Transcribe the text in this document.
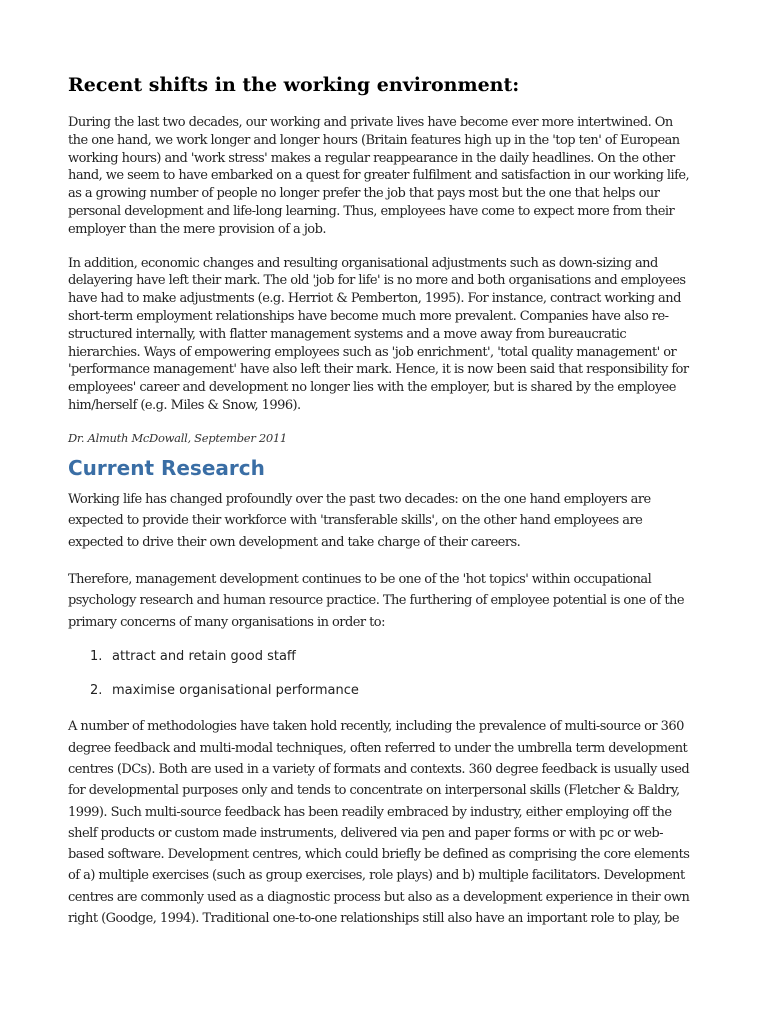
Recent shifts in the working environment:

During the last two decades, our working and private lives have become ever more intertwined. On the one hand, we work longer and longer hours (Britain features high up in the 'top ten' of European working hours) and 'work stress' makes a regular reappearance in the daily headlines. On the other hand, we seem to have embarked on a quest for greater fulfilment and satisfaction in our working life, as a growing number of people no longer prefer the job that pays most but the one that helps our personal development and life-long learning. Thus, employees have come to expect more from their employer than the mere provision of a job.

In addition, economic changes and resulting organisational adjustments such as down-sizing and delayering have left their mark. The old 'job for life' is no more and both organisations and employees have had to make adjustments (e.g. Herriot & Pemberton, 1995). For instance, contract working and short-term employment relationships have become much more prevalent. Companies have also re-structured internally, with flatter management systems and a move away from bureaucratic hierarchies. Ways of empowering employees such as 'job enrichment', 'total quality management' or 'performance management' have also left their mark. Hence, it is now been said that responsibility for employees' career and development no longer lies with the employer, but is shared by the employee him/herself (e.g. Miles & Snow, 1996).

Dr. Almuth McDowall, September 2011

Current Research

Working life has changed profoundly over the past two decades: on the one hand employers are expected to provide their workforce with 'transferable skills', on the other hand employees are expected to drive their own development and take charge of their careers.

Therefore, management development continues to be one of the 'hot topics' within occupational psychology research and human resource practice. The furthering of employee potential is one of the primary concerns of many organisations in order to:

1. attract and retain good staff
2. maximise organisational performance

A number of methodologies have taken hold recently, including the prevalence of multi-source or 360 degree feedback and multi-modal techniques, often referred to under the umbrella term development centres (DCs). Both are used in a variety of formats and contexts. 360 degree feedback is usually used for developmental purposes only and tends to concentrate on interpersonal skills (Fletcher & Baldry, 1999). Such multi-source feedback has been readily embraced by industry, either employing off the shelf products or custom made instruments, delivered via pen and paper forms or with pc or web-based software. Development centres, which could briefly be defined as comprising the core elements of a) multiple exercises (such as group exercises, role plays) and b) multiple facilitators. Development centres are commonly used as a diagnostic process but also as a development experience in their own right (Goodge, 1994). Traditional one-to-one relationships still also have an important role to play, be
